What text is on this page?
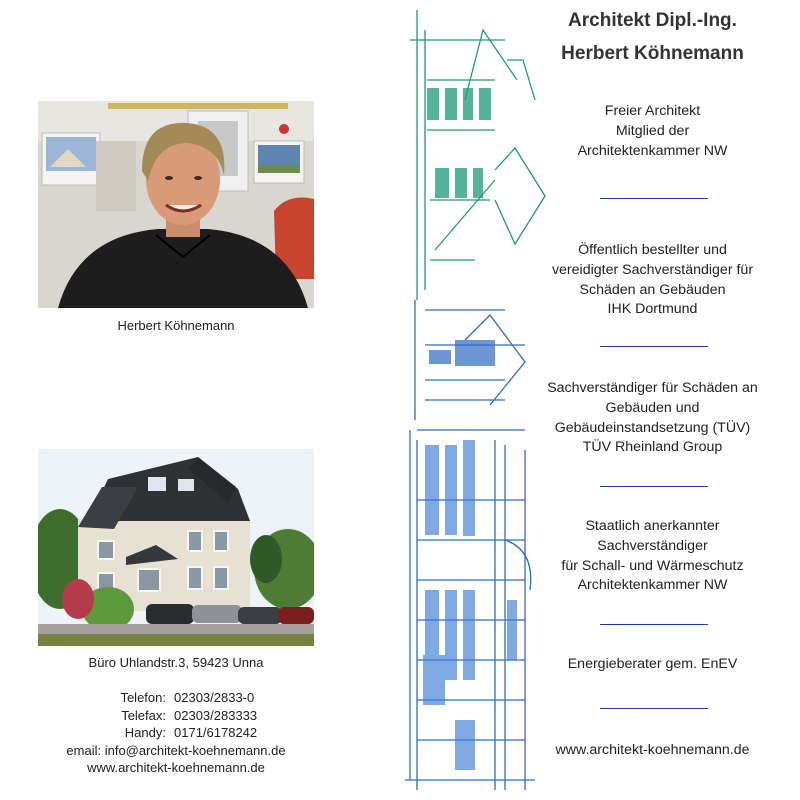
Herbert Köhnemann
Büro Uhlandstr.3, 59423 Unna
Telefon: 02303/2833-0
Telefax: 02303/283333
Handy: 0171/6178242
email: info@architekt-koehnemann.de
www.architekt-koehnemann.de
Architekt Dipl.-Ing.
Herbert Köhnemann
Freier Architekt
Mitglied der
Architektenkammer NW
Öffentlich bestellter und
vereidigter Sachverständiger für
Schäden an Gebäuden
IHK Dortmund
Sachverständiger für Schäden an
Gebäuden und
Gebäudeinstandsetzung (TÜV)
TÜV Rheinland Group
Staatlich anerkannter
Sachverständiger
für Schall- und Wärmeschutz
Architektenkammer NW
Energieberater gem. EnEV
www.architekt-koehnemann.de
